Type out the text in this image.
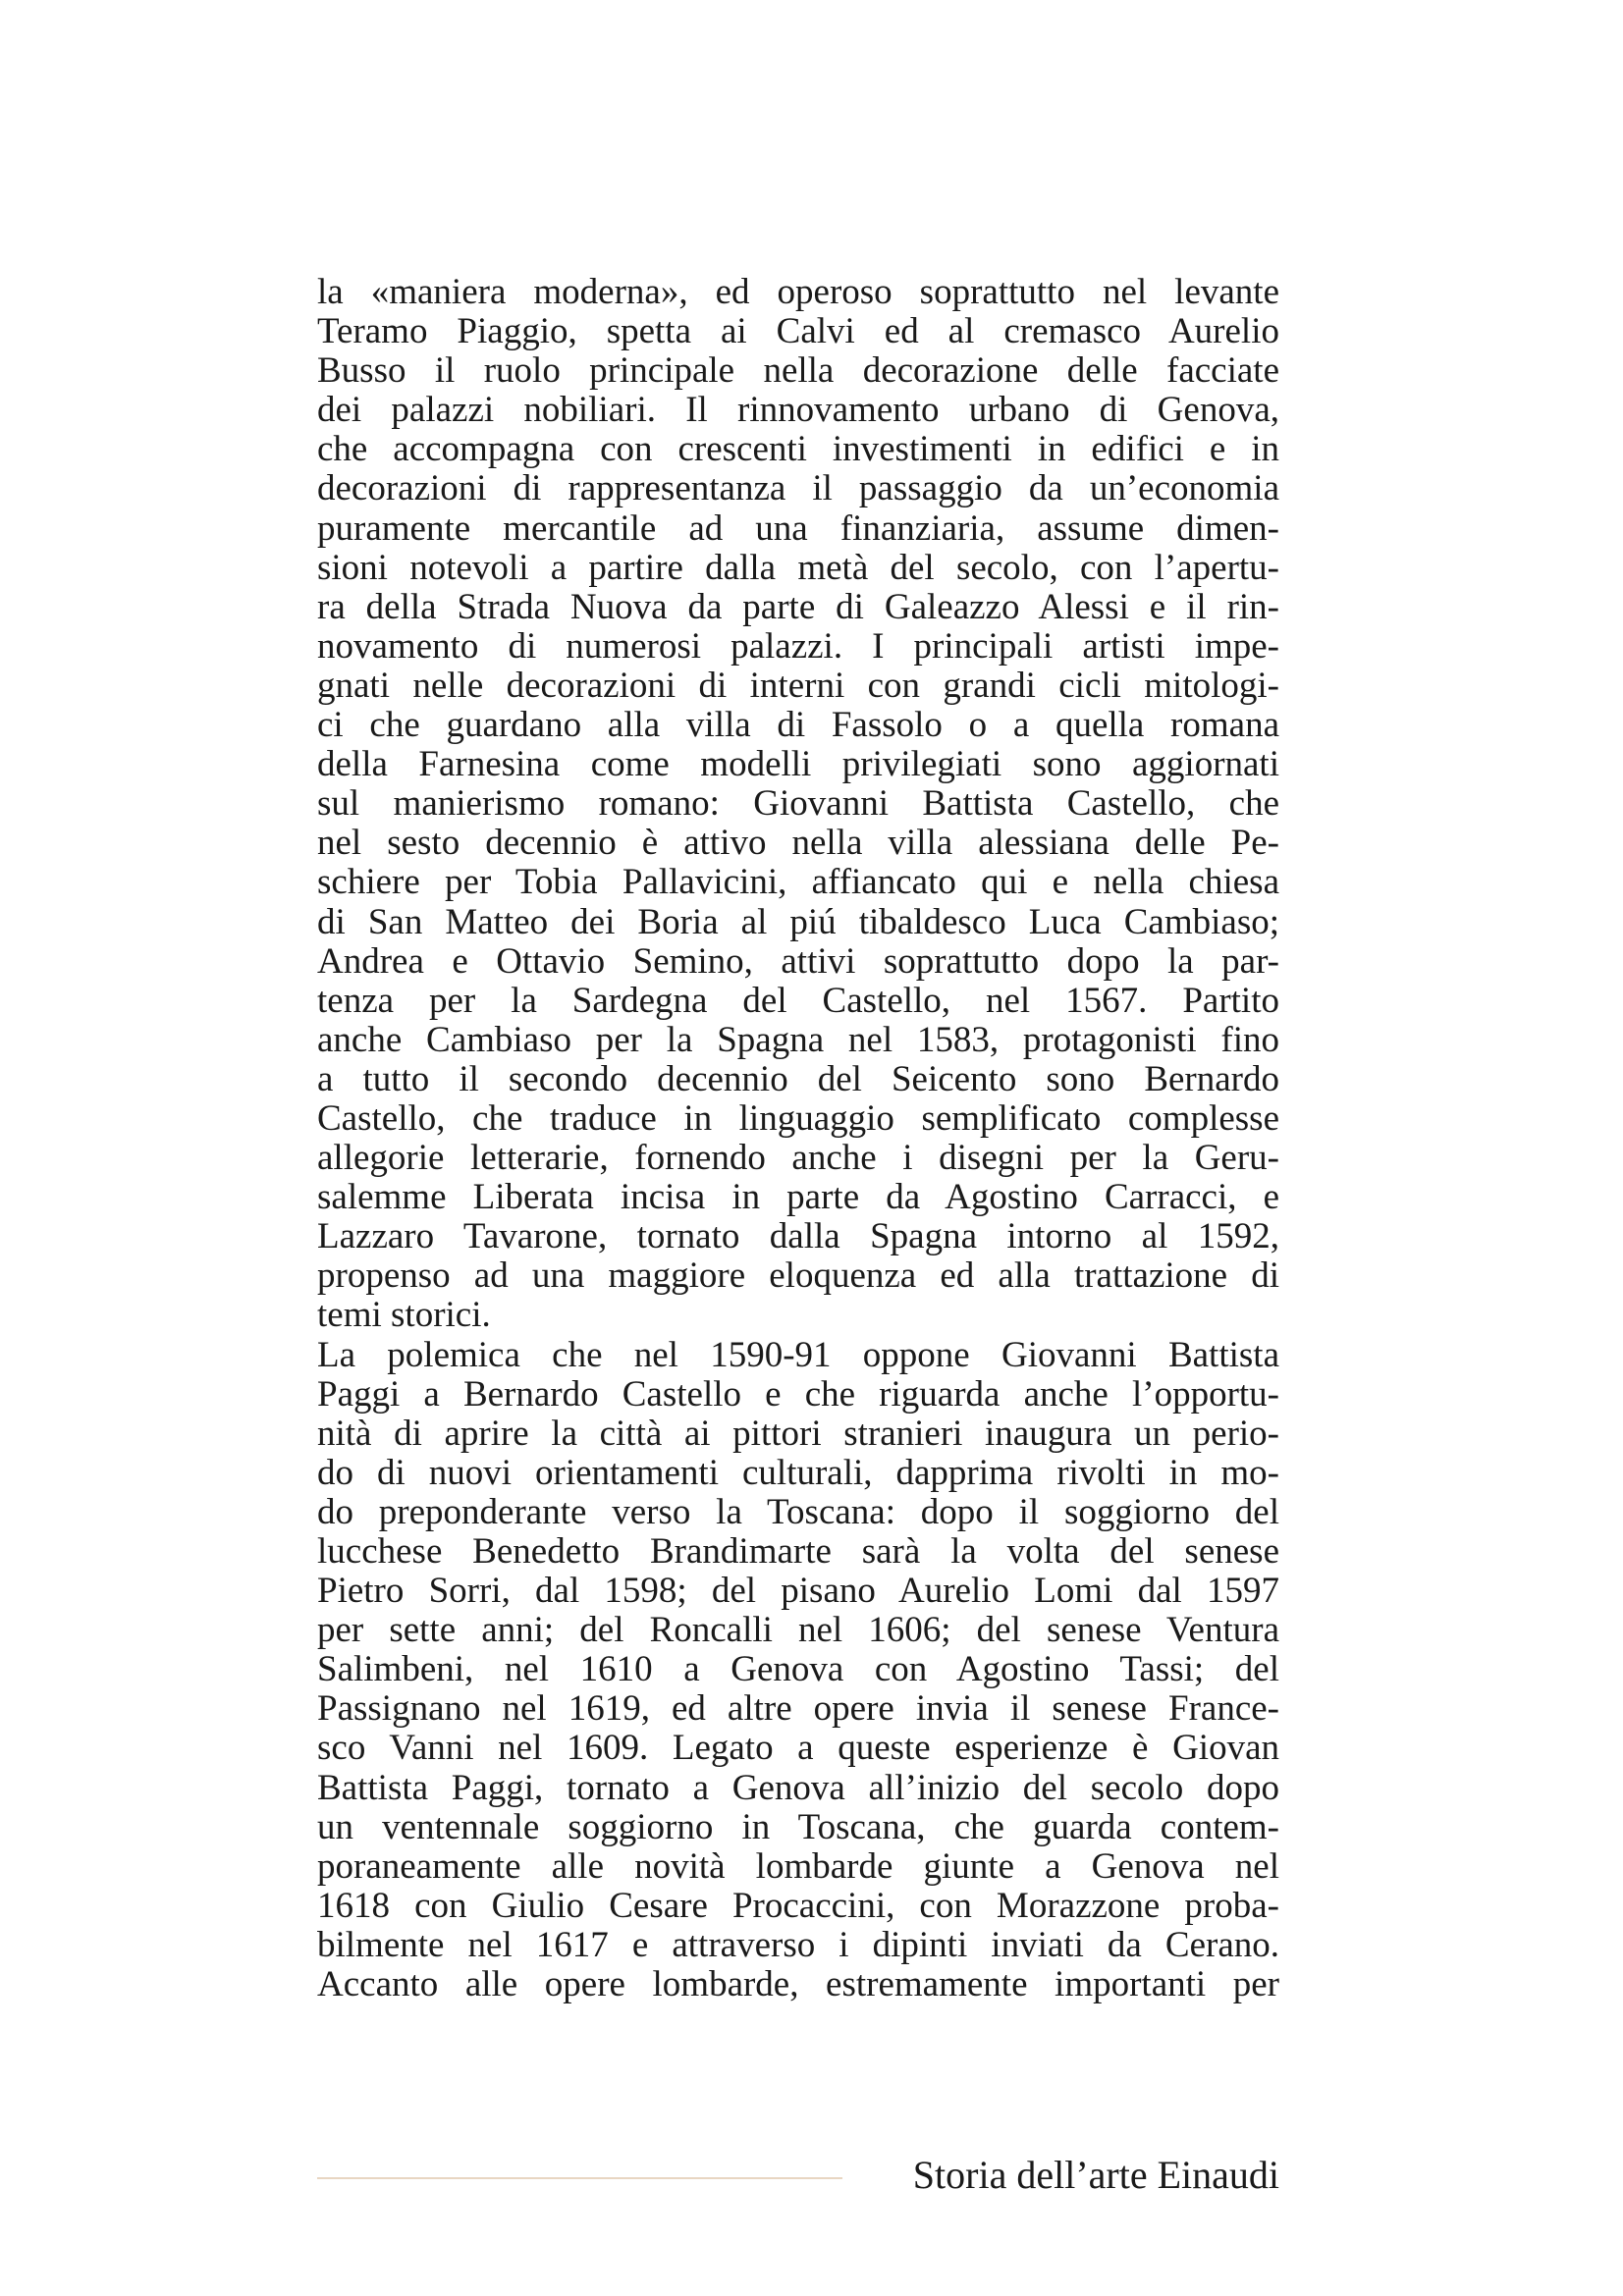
la «maniera moderna», ed operoso soprattutto nel levante
Teramo Piaggio, spetta ai Calvi ed al cremasco Aurelio
Busso il ruolo principale nella decorazione delle facciate
dei palazzi nobiliari. Il rinnovamento urbano di Genova,
che accompagna con crescenti investimenti in edifici e in
decorazioni di rappresentanza il passaggio da un’economia
puramente mercantile ad una finanziaria, assume dimen-
sioni notevoli a partire dalla metà del secolo, con l’apertu-
ra della Strada Nuova da parte di Galeazzo Alessi e il rin-
novamento di numerosi palazzi. I principali artisti impe-
gnati nelle decorazioni di interni con grandi cicli mitologi-
ci che guardano alla villa di Fassolo o a quella romana
della Farnesina come modelli privilegiati sono aggiornati
sul manierismo romano: Giovanni Battista Castello, che
nel sesto decennio è attivo nella villa alessiana delle Pe-
schiere per Tobia Pallavicini, affiancato qui e nella chiesa
di San Matteo dei Boria al piú tibaldesco Luca Cambiaso;
Andrea e Ottavio Semino, attivi soprattutto dopo la par-
tenza per la Sardegna del Castello, nel 1567. Partito
anche Cambiaso per la Spagna nel 1583, protagonisti fino
a tutto il secondo decennio del Seicento sono Bernardo
Castello, che traduce in linguaggio semplificato complesse
allegorie letterarie, fornendo anche i disegni per la Geru-
salemme Liberata incisa in parte da Agostino Carracci, e
Lazzaro Tavarone, tornato dalla Spagna intorno al 1592,
propenso ad una maggiore eloquenza ed alla trattazione di
temi storici.
La polemica che nel 1590-91 oppone Giovanni Battista
Paggi a Bernardo Castello e che riguarda anche l’opportu-
nità di aprire la città ai pittori stranieri inaugura un perio-
do di nuovi orientamenti culturali, dapprima rivolti in mo-
do preponderante verso la Toscana: dopo il soggiorno del
lucchese Benedetto Brandimarte sarà la volta del senese
Pietro Sorri, dal 1598; del pisano Aurelio Lomi dal 1597
per sette anni; del Roncalli nel 1606; del senese Ventura
Salimbeni, nel 1610 a Genova con Agostino Tassi; del
Passignano nel 1619, ed altre opere invia il senese France-
sco Vanni nel 1609. Legato a queste esperienze è Giovan
Battista Paggi, tornato a Genova all’inizio del secolo dopo
un ventennale soggiorno in Toscana, che guarda contem-
poraneamente alle novità lombarde giunte a Genova nel
1618 con Giulio Cesare Procaccini, con Morazzone proba-
bilmente nel 1617 e attraverso i dipinti inviati da Cerano.
Accanto alle opere lombarde, estremamente importanti per
Storia dell’arte Einaudi
